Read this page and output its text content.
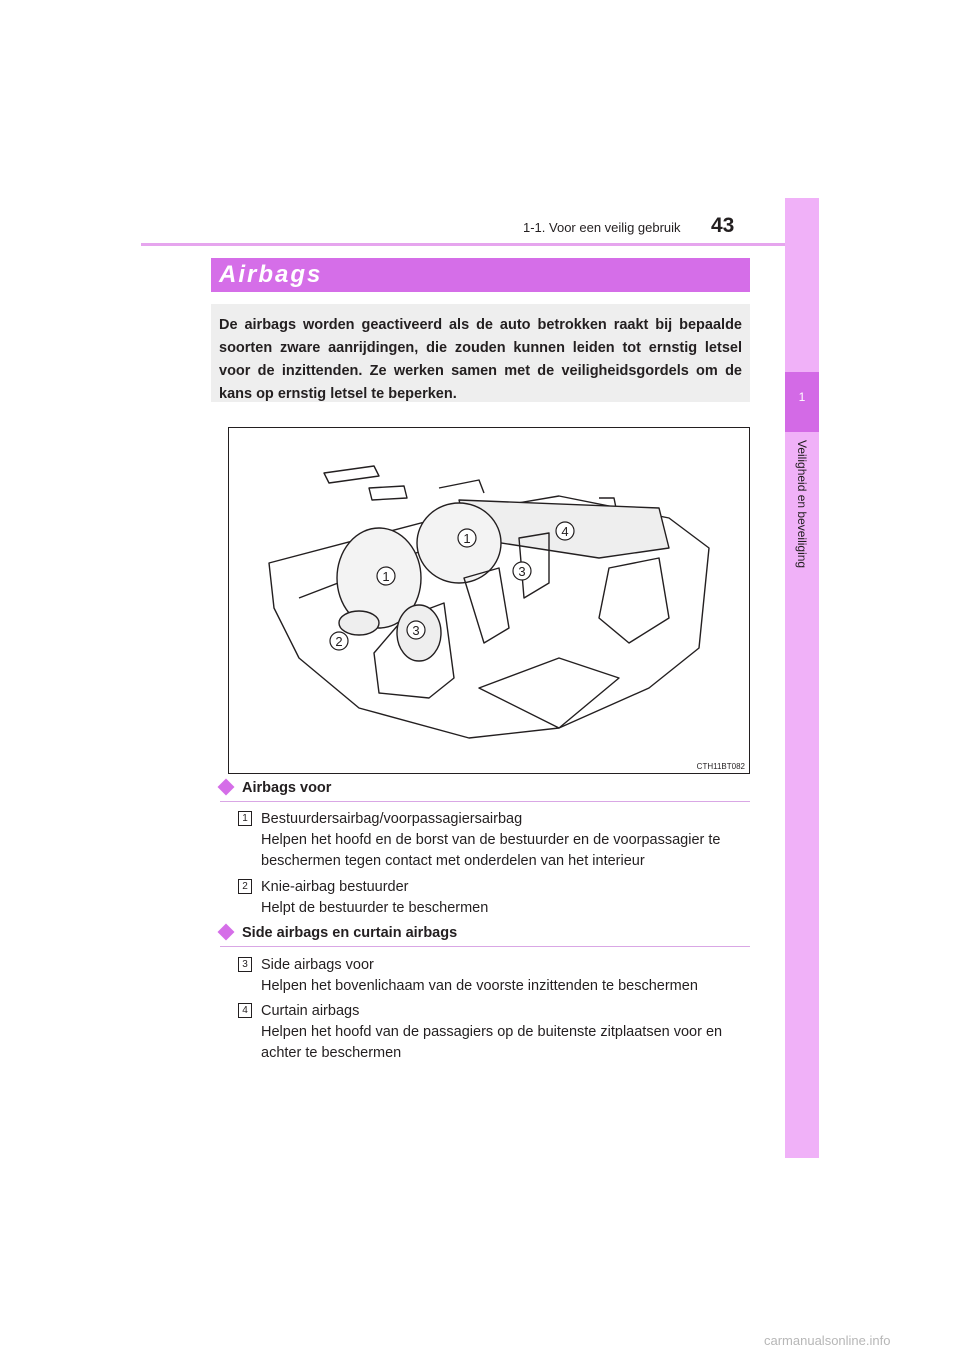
1-1. Voor een veilig gebruik 43
1
Veiligheid en beveiliging
Airbags
De airbags worden geactiveerd als de auto betrokken raakt bij bepaalde soorten zware aanrijdingen, die zouden kunnen leiden tot ernstig letsel voor de inzittenden. Ze werken samen met de veiligheidsgordels om de kans op ernstig letsel te beperken.
1
1
2
3
3
4
CTH11BT082
Airbags voor
1 Bestuurdersairbag/voorpassagiersairbag
Helpen het hoofd en de borst van de bestuurder en de voorpassagier te beschermen tegen contact met onderdelen van het interieur
2 Knie-airbag bestuurder
Helpt de bestuurder te beschermen
Side airbags en curtain airbags
3 Side airbags voor
Helpen het bovenlichaam van de voorste inzittenden te beschermen
4 Curtain airbags
Helpen het hoofd van de passagiers op de buitenste zitplaatsen voor en achter te beschermen
carmanualsonline.info
